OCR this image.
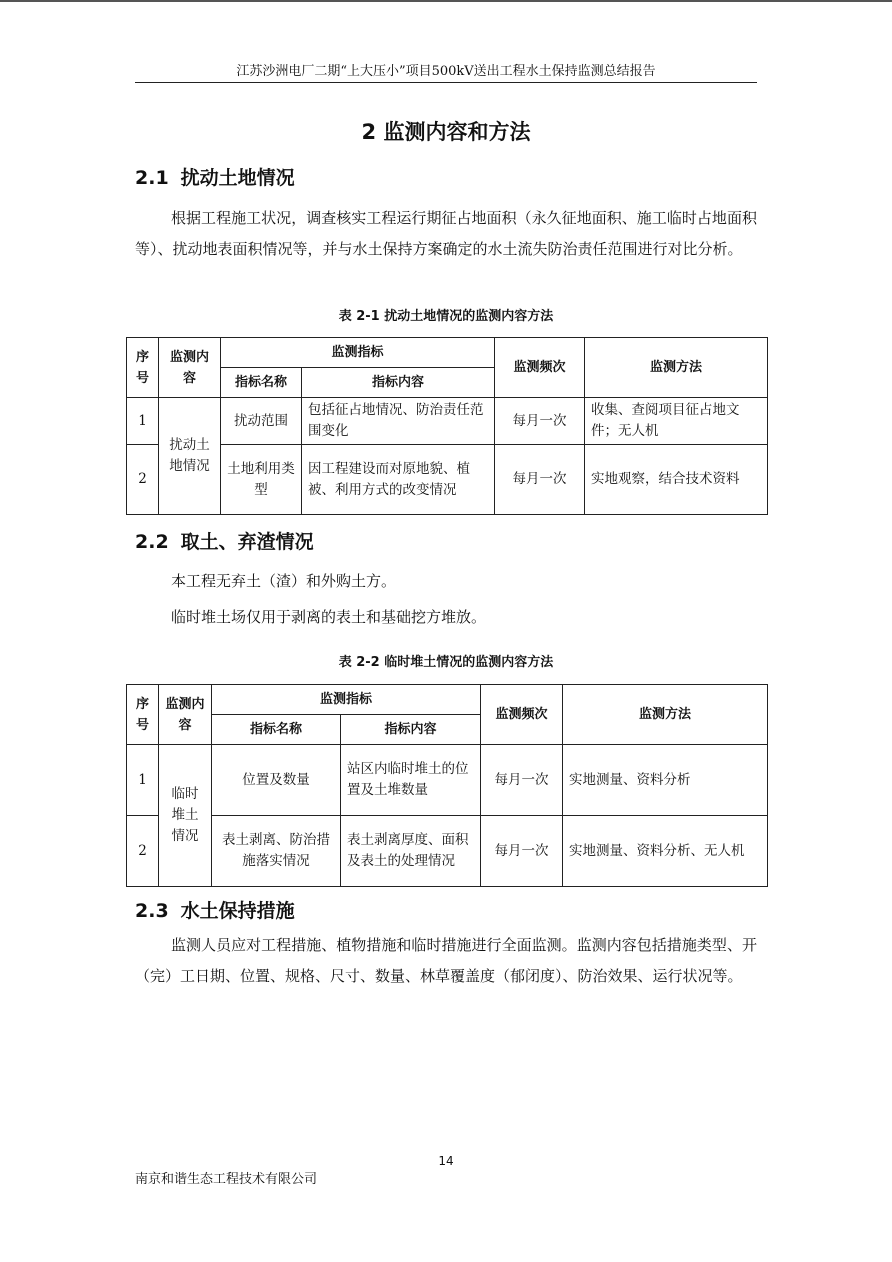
江苏沙洲电厂二期“上大压小”项目500kV送出工程水土保持监测总结报告
2 监测内容和方法
2.1 扰动土地情况

根据工程施工状况，调查核实工程运行期征占地面积（永久征地面积、施工临时占地面积等）、扰动地表面积情况等，并与水土保持方案确定的水土流失防治责任范围进行对比分析。

表 2-1 扰动土地情况的监测内容方法
序号	监测内容	监测指标		监测频次	监测方法
		指标名称	指标内容		
1	扰动土地情况	扰动范围	包括征占地情况、防治责任范围变化	每月一次	收集、查阅项目征占地文件；无人机
2		土地利用类型	因工程建设而对原地貌、植被、利用方式的改变情况	每月一次	实地观察，结合技术资料
2.2 取土、弃渣情况

本工程无弃土（渣）和外购土方。

临时堆土场仅用于剥离的表土和基础挖方堆放。

表 2-2 临时堆土情况的监测内容方法
序号	监测内容	监测指标		监测频次	监测方法
		指标名称	指标内容		
1	临时堆土情况	位置及数量	站区内临时堆土的位置及土堆数量	每月一次	实地测量、资料分析
2		表土剥离、防治措施落实情况	表土剥离厚度、面积及表土的处理情况	每月一次	实地测量、资料分析、无人机
2.3 水土保持措施

监测人员应对工程措施、植物措施和临时措施进行全面监测。监测内容包括措施类型、开（完）工日期、位置、规格、尺寸、数量、林草覆盖度（郁闭度）、防治效果、运行状况等。

14
南京和谐生态工程技术有限公司
